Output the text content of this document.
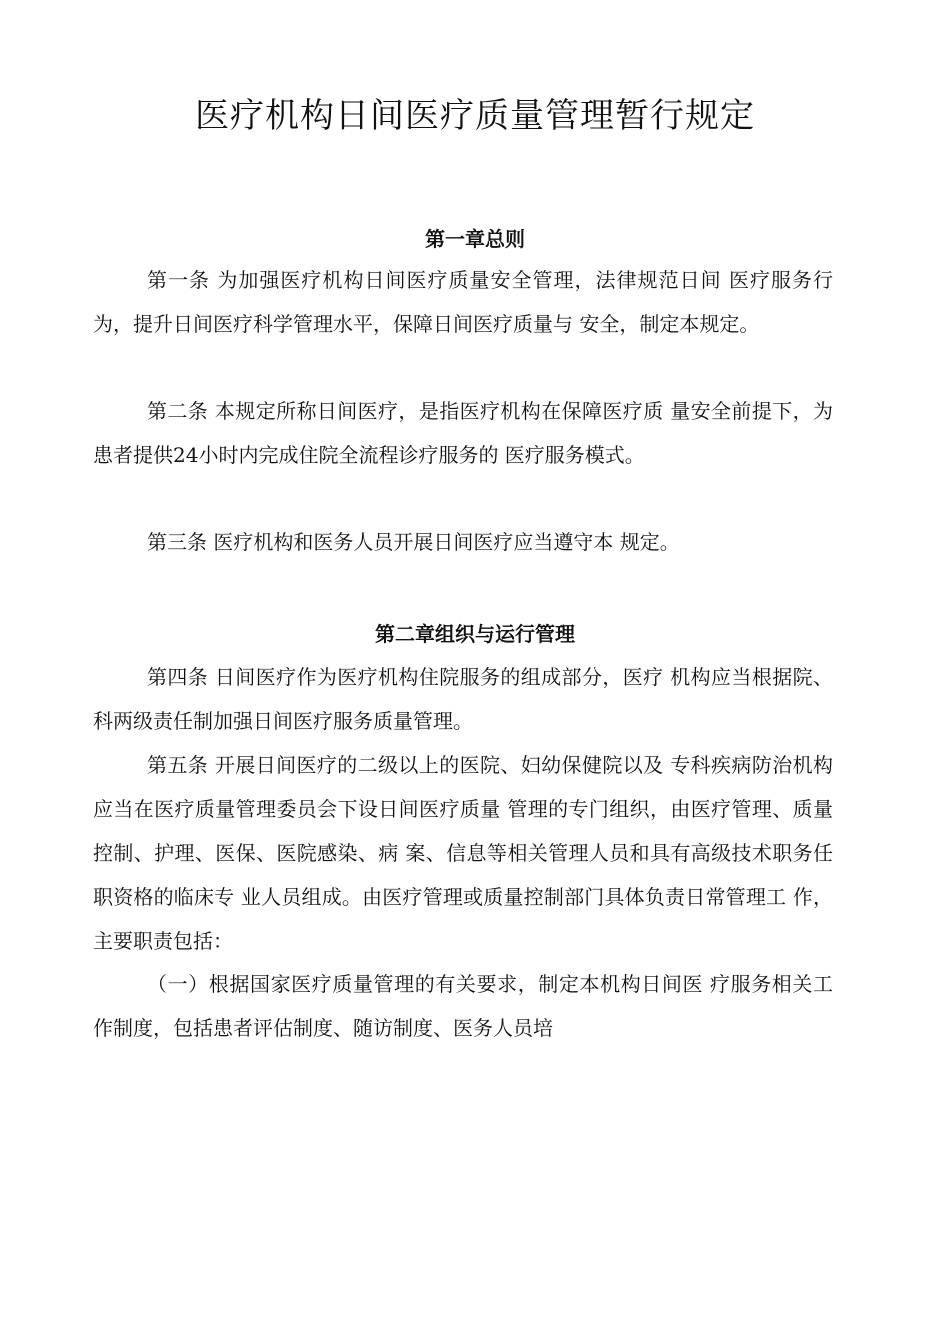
医疗机构日间医疗质量管理暂行规定
第一章总则

第一条 为加强医疗机构日间医疗质量安全管理，法律规范日间 医疗服务行为，提升日间医疗科学管理水平，保障日间医疗质量与 安全，制定本规定。

第二条 本规定所称日间医疗，是指医疗机构在保障医疗质 量安全前提下，为患者提供24小时内完成住院全流程诊疗服务的 医疗服务模式。

第三条 医疗机构和医务人员开展日间医疗应当遵守本 规定。

第二章组织与运行管理

第四条 日间医疗作为医疗机构住院服务的组成部分，医疗 机构应当根据院、科两级责任制加强日间医疗服务质量管理。

第五条 开展日间医疗的二级以上的医院、妇幼保健院以及 专科疾病防治机构应当在医疗质量管理委员会下设日间医疗质量 管理的专门组织，由医疗管理、质量控制、护理、医保、医院感染、病 案、信息等相关管理人员和具有高级技术职务任职资格的临床专 业人员组成。由医疗管理或质量控制部门具体负责日常管理工 作，主要职责包括：

（一）根据国家医疗质量管理的有关要求，制定本机构日间医 疗服务相关工作制度，包括患者评估制度、随访制度、医务人员培
